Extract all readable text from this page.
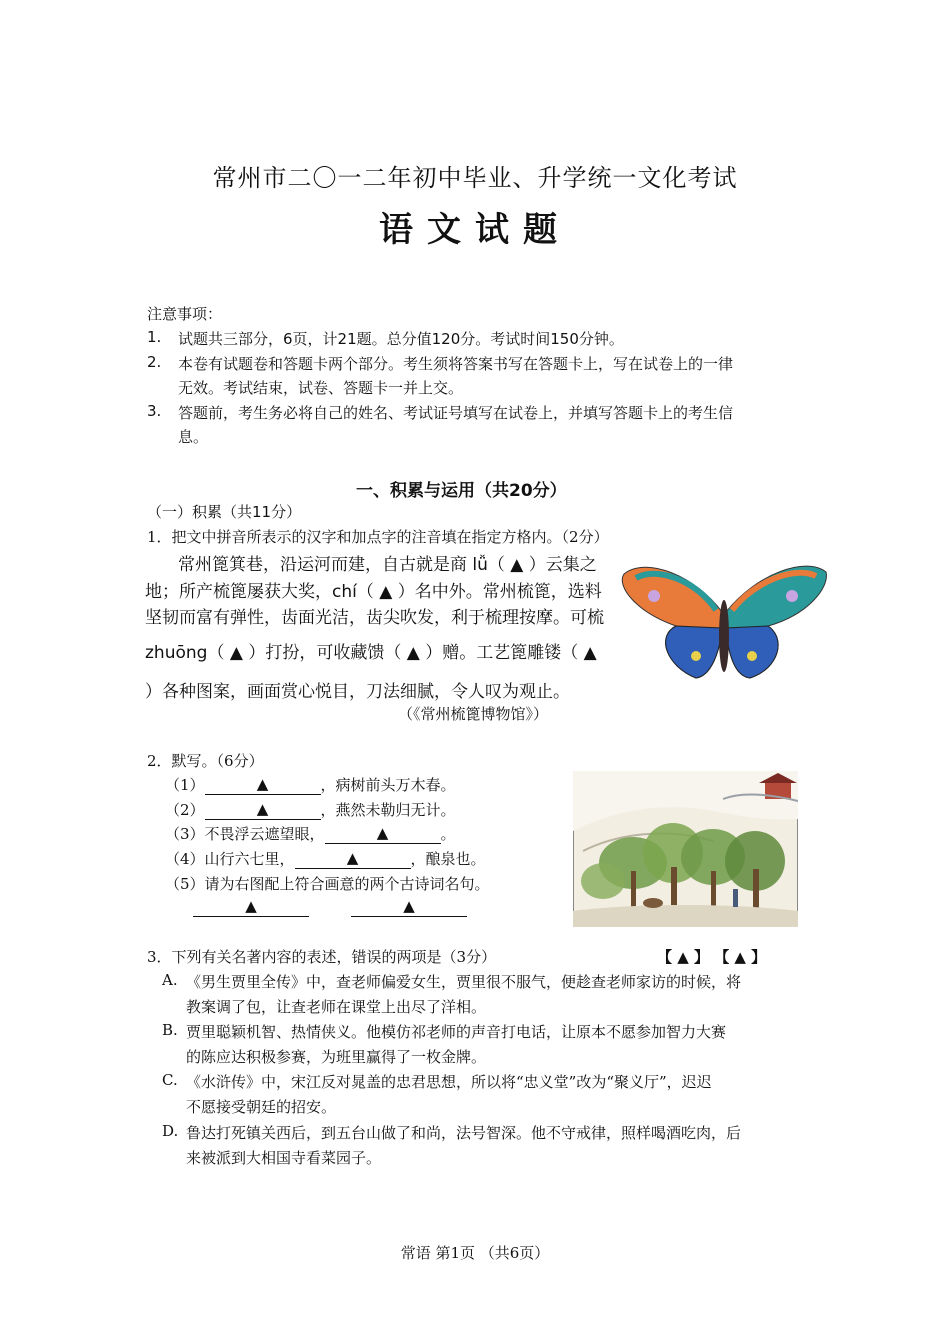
常州市二〇一二年初中毕业、升学统一文化考试
语文试题
注意事项：
1. 试题共三部分，6页，计21题。总分值120分。考试时间150分钟。
2. 本卷有试题卷和答题卡两个部分。考生须将答案书写在答题卡上，写在试卷上的一律
无效。考试结束，试卷、答题卡一并上交。
3. 答题前，考生务必将自己的姓名、考试证号填写在试卷上，并填写答题卡上的考生信
息。
一、积累与运用（共20分）
（一）积累（共11分）
1．把文中拼音所表示的汉字和加点字的注音填在指定方格内。（2分）
常州篦箕巷，沿运河而建，自古就是商 lǚ（ ▲ ）云集之
地；所产梳篦屡获大奖，chí（ ▲ ）名中外。常州梳篦，选料
坚韧而富有弹性，齿面光洁，齿尖吹发，利于梳理按摩。可梳
zhuōng（ ▲ ）打扮，可收藏馈（ ▲ ）赠。工艺篦雕镂（ ▲
）各种图案，画面赏心悦目，刀法细腻，令人叹为观止。
（《常州梳篦博物馆》）
2．默写。（6分）
（1）	▲	，病树前头万木春。
（2）	▲	，燕然未勒归无计。
（3）不畏浮云遮望眼，	▲	。
（4）山行六七里，	▲	，酿泉也。
（5）请为右图配上符合画意的两个古诗词名句。
▲	▲
3．下列有关名著内容的表述，错误的两项是（3分）	【 ▲ 】 【 ▲ 】
A. 《男生贾里全传》中，查老师偏爱女生，贾里很不服气，便趁查老师家访的时候，将
教案调了包，让查老师在课堂上出尽了洋相。
B. 贾里聪颖机智、热情侠义。他模仿祁老师的声音打电话，让原本不愿参加智力大赛
的陈应达积极参赛，为班里赢得了一枚金牌。
C. 《水浒传》中，宋江反对晁盖的忠君思想，所以将“忠义堂”改为“聚义厅”，迟迟
不愿接受朝廷的招安。
D. 鲁达打死镇关西后，到五台山做了和尚，法号智深。他不守戒律，照样喝酒吃肉，后
来被派到大相国寺看菜园子。
常语 第1页 （共6页）
